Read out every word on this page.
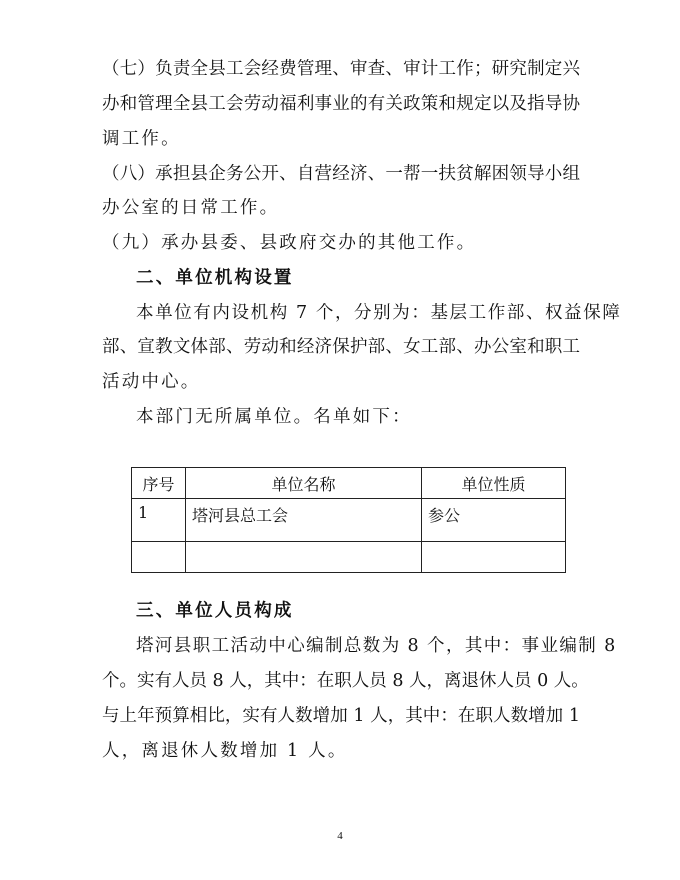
（七）负责全县工会经费管理、审查、审计工作；研究制定兴
办和管理全县工会劳动福利事业的有关政策和规定以及指导协
调工作。
（八）承担县企务公开、自营经济、一帮一扶贫解困领导小组
办公室的日常工作。
（九）承办县委、县政府交办的其他工作。
二、单位机构设置
本单位有内设机构 7 个，分别为：基层工作部、权益保障
部、宣教文体部、劳动和经济保护部、女工部、办公室和职工
活动中心。
本部门无所属单位。名单如下：
序号	单位名称	单位性质
1	塔河县总工会	参公

三、单位人员构成
塔河县职工活动中心编制总数为 8 个，其中：事业编制 8
个。实有人员 8 人，其中：在职人员 8 人，离退休人员 0 人。
与上年预算相比，实有人数增加 1 人，其中：在职人数增加 1
人，离退休人数增加 1 人。
4
